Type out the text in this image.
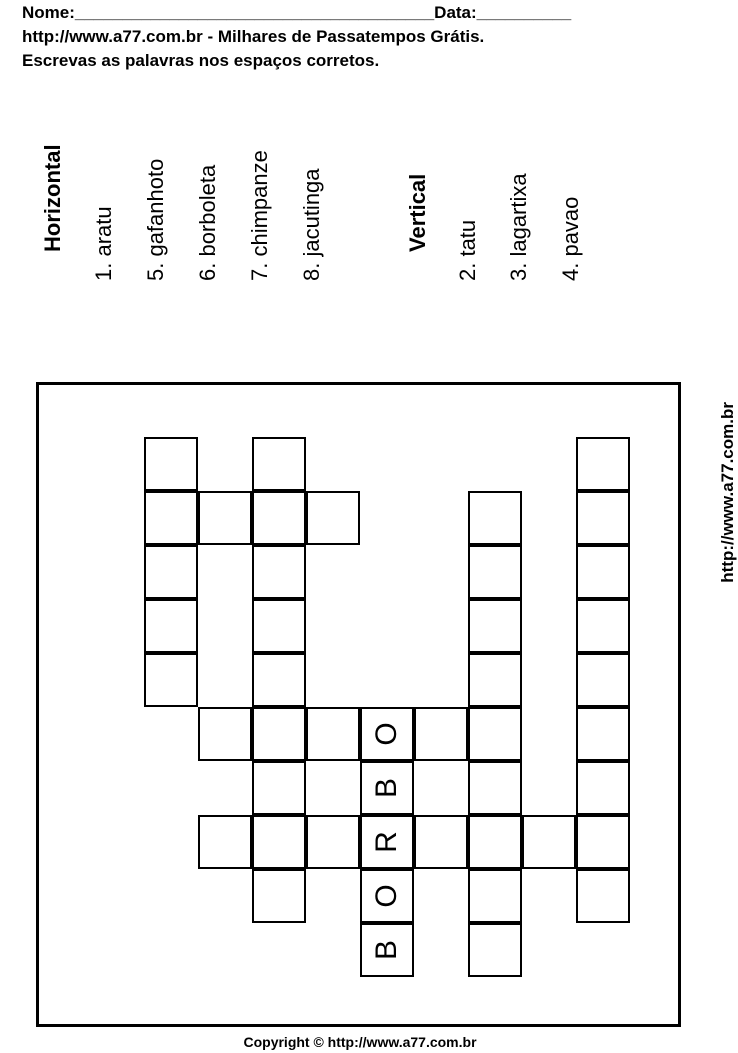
Nome:______________________________________Data:__________
http://www.a77.com.br - Milhares de Passatempos Grátis.
Escrevas as palavras nos espaços corretos.
Horizontal 1. aratu 5. gafanhoto 6. borboleta 7. chimpanze 8. jacutinga	Vertical 2. tatu 3. lagartixa 4. pavao
O
B
R
O
B
http://www.a77.com.br
Copyright © http://www.a77.com.br
